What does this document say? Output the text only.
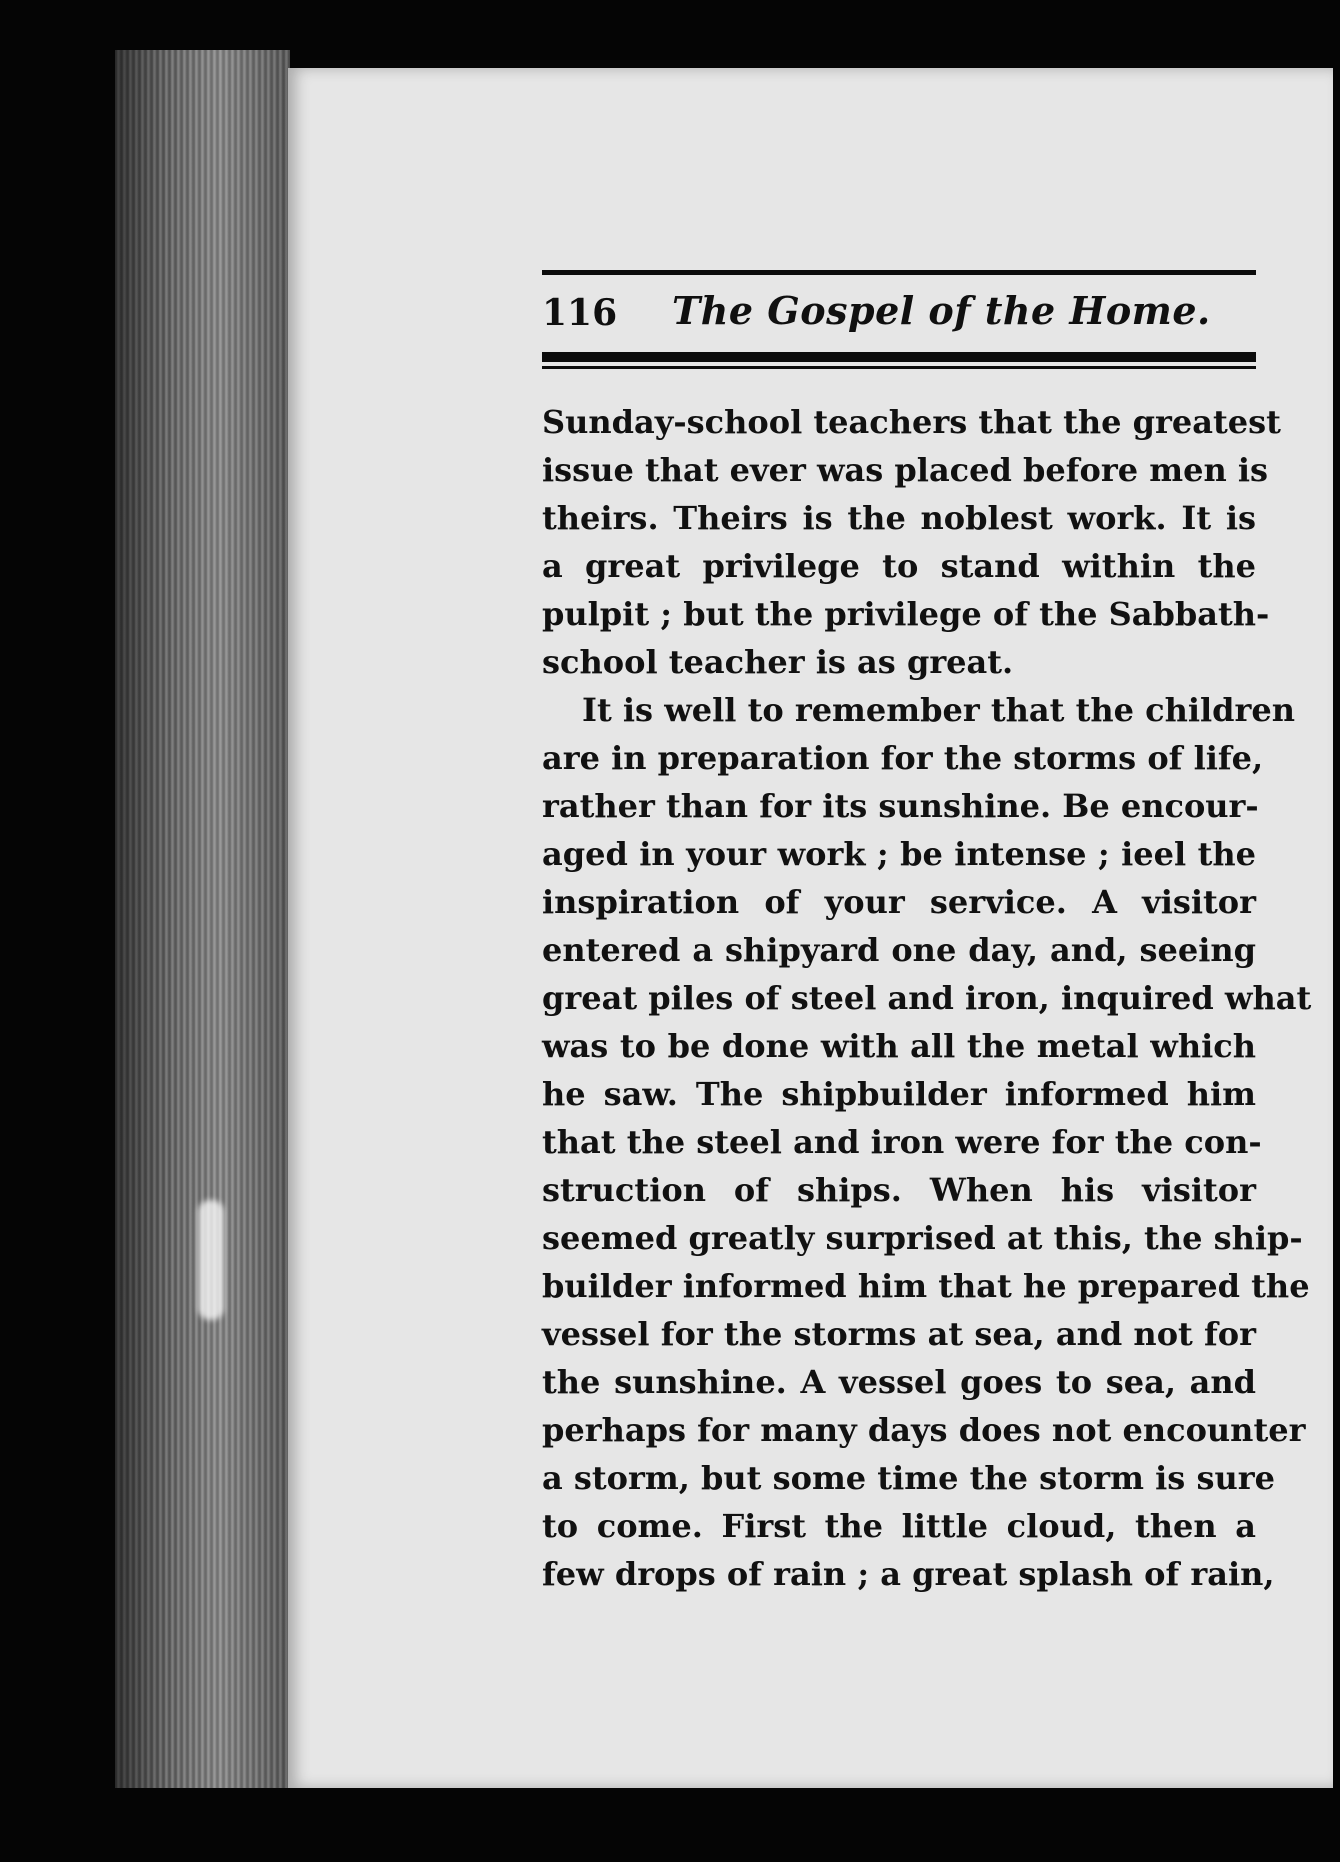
116 The Gospel of the Home.
Sunday-school teachers that the greatest
issue that ever was placed before men is
theirs. Theirs is the noblest work. It is
a great privilege to stand within the
pulpit ; but the privilege of the Sabbath-
school teacher is as great.
It is well to remember that the children
are in preparation for the storms of life,
rather than for its sunshine. Be encour-
aged in your work ; be intense ; ieel the
inspiration of your service. A visitor
entered a shipyard one day, and, seeing
great piles of steel and iron, inquired what
was to be done with all the metal which
he saw. The shipbuilder informed him
that the steel and iron were for the con-
struction of ships. When his visitor
seemed greatly surprised at this, the ship-
builder informed him that he prepared the
vessel for the storms at sea, and not for
the sunshine. A vessel goes to sea, and
perhaps for many days does not encounter
a storm, but some time the storm is sure
to come. First the little cloud, then a
few drops of rain ; a great splash of rain,
